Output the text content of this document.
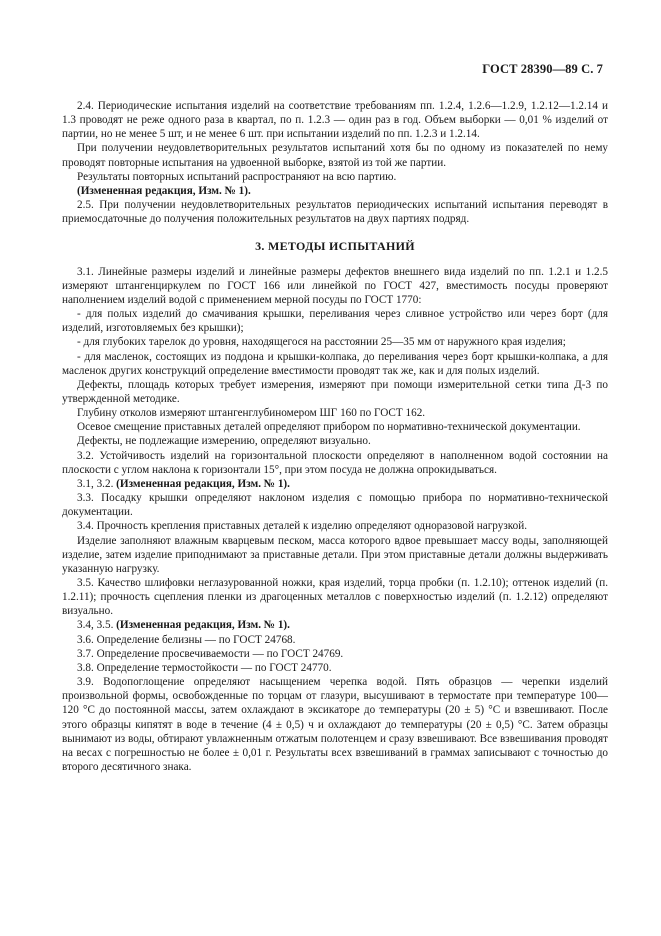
ГОСТ 28390—89 С. 7

2.4. Периодические испытания изделий на соответствие требованиям пп. 1.2.4, 1.2.6—1.2.9, 1.2.12—1.2.14 и 1.3 проводят не реже одного раза в квартал, по п. 1.2.3 — один раз в год. Объем выборки — 0,01 % изделий от партии, но не менее 5 шт, и не менее 6 шт. при испытании изделий по пп. 1.2.3 и 1.2.14.

При получении неудовлетворительных результатов испытаний хотя бы по одному из показателей по нему проводят повторные испытания на удвоенной выборке, взятой из той же партии.

Результаты повторных испытаний распространяют на всю партию.

(Измененная редакция, Изм. № 1).

2.5. При получении неудовлетворительных результатов периодических испытаний испытания переводят в приемосдаточные до получения положительных результатов на двух партиях подряд.

3. МЕТОДЫ ИСПЫТАНИЙ

3.1. Линейные размеры изделий и линейные размеры дефектов внешнего вида изделий по пп. 1.2.1 и 1.2.5 измеряют штангенциркулем по ГОСТ 166 или линейкой по ГОСТ 427, вместимость посуды проверяют наполнением изделий водой с применением мерной посуды по ГОСТ 1770:

- для полых изделий до смачивания крышки, переливания через сливное устройство или через борт (для изделий, изготовляемых без крышки);

- для глубоких тарелок до уровня, находящегося на расстоянии 25—35 мм от наружного края изделия;

- для масленок, состоящих из поддона и крышки-колпака, до переливания через борт крышки-колпака, а для масленок других конструкций определение вместимости проводят так же, как и для полых изделий.

Дефекты, площадь которых требует измерения, измеряют при помощи измерительной сетки типа Д-3 по утвержденной методике.

Глубину отколов измеряют штангенглубиномером ШГ 160 по ГОСТ 162.

Осевое смещение приставных деталей определяют прибором по нормативно-технической документации.

Дефекты, не подлежащие измерению, определяют визуально.

3.2. Устойчивость изделий на горизонтальной плоскости определяют в наполненном водой состоянии на плоскости с углом наклона к горизонтали 15°, при этом посуда не должна опрокидываться.

3.1, 3.2. (Измененная редакция, Изм. № 1).

3.3. Посадку крышки определяют наклоном изделия с помощью прибора по нормативно-технической документации.

3.4. Прочность крепления приставных деталей к изделию определяют одноразовой нагрузкой.

Изделие заполняют влажным кварцевым песком, масса которого вдвое превышает массу воды, заполняющей изделие, затем изделие приподнимают за приставные детали. При этом приставные детали должны выдерживать указанную нагрузку.

3.5. Качество шлифовки неглазурованной ножки, края изделий, торца пробки (п. 1.2.10); оттенок изделий (п. 1.2.11); прочность сцепления пленки из драгоценных металлов с поверхностью изделий (п. 1.2.12) определяют визуально.

3.4, 3.5. (Измененная редакция, Изм. № 1).

3.6. Определение белизны — по ГОСТ 24768.

3.7. Определение просвечиваемости — по ГОСТ 24769.

3.8. Определение термостойкости — по ГОСТ 24770.

3.9. Водопоглощение определяют насыщением черепка водой. Пять образцов — черепки изделий произвольной формы, освобожденные по торцам от глазури, высушивают в термостате при температуре 100—120 °С до постоянной массы, затем охлаждают в эксикаторе до температуры (20 ± 5) °С и взвешивают. После этого образцы кипятят в воде в течение (4 ± 0,5) ч и охлаждают до температуры (20 ± 0,5) °С. Затем образцы вынимают из воды, обтирают увлажненным отжатым полотенцем и сразу взвешивают. Все взвешивания проводят на весах с погрешностью не более ± 0,01 г. Результаты всех взвешиваний в граммах записывают с точностью до второго десятичного знака.
